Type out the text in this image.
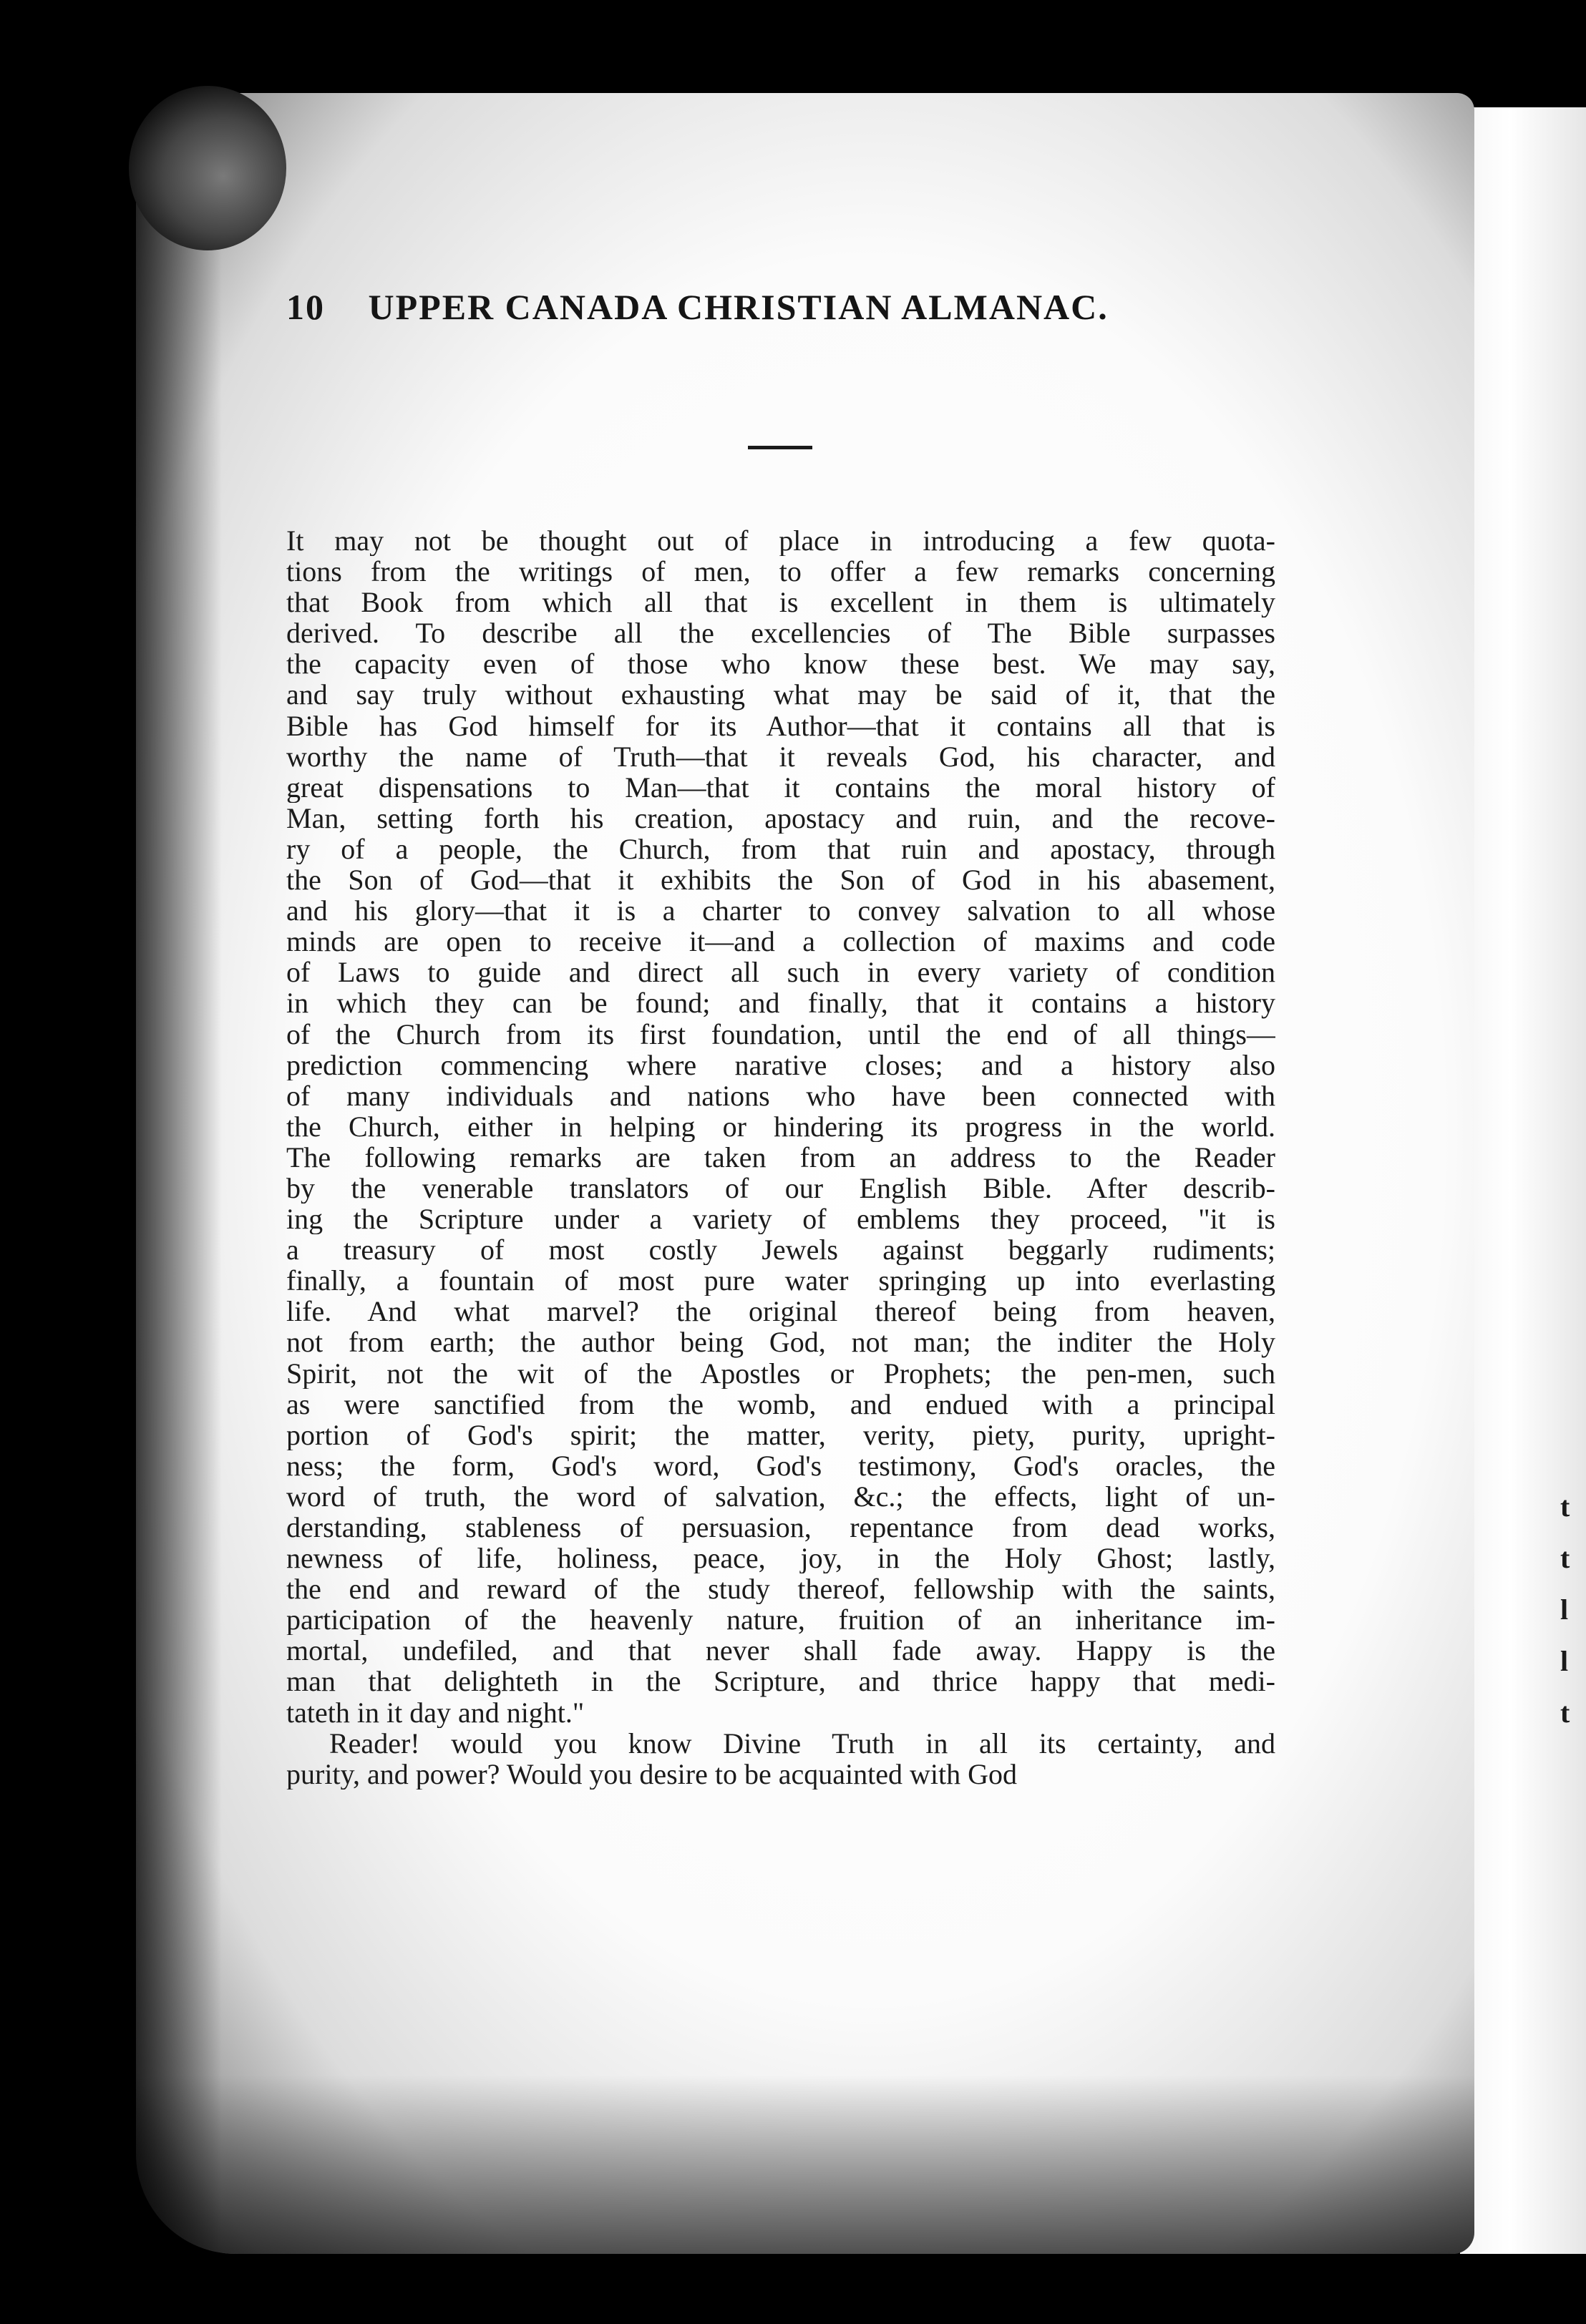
t
t
l
l
t
10 UPPER CANADA CHRISTIAN ALMANAC.
It may not be thought out of place in introducing a few quota-
tions from the writings of men, to offer a few remarks concerning
that Book from which all that is excellent in them is ultimately
derived. To describe all the excellencies of The Bible surpasses
the capacity even of those who know these best. We may say,
and say truly without exhausting what may be said of it, that the
Bible has God himself for its Author—that it contains all that is
worthy the name of Truth—that it reveals God, his character, and
great dispensations to Man—that it contains the moral history of
Man, setting forth his creation, apostacy and ruin, and the recove-
ry of a people, the Church, from that ruin and apostacy, through
the Son of God—that it exhibits the Son of God in his abasement,
and his glory—that it is a charter to convey salvation to all whose
minds are open to receive it—and a collection of maxims and code
of Laws to guide and direct all such in every variety of condition
in which they can be found; and finally, that it contains a history
of the Church from its first foundation, until the end of all things—
prediction commencing where narative closes; and a history also
of many individuals and nations who have been connected with
the Church, either in helping or hindering its progress in the world.
The following remarks are taken from an address to the Reader
by the venerable translators of our English Bible. After describ-
ing the Scripture under a variety of emblems they proceed, "it is
a treasury of most costly Jewels against beggarly rudiments;
finally, a fountain of most pure water springing up into everlasting
life. And what marvel? the original thereof being from heaven,
not from earth; the author being God, not man; the inditer the Holy
Spirit, not the wit of the Apostles or Prophets; the pen-men, such
as were sanctified from the womb, and endued with a principal
portion of God's spirit; the matter, verity, piety, purity, upright-
ness; the form, God's word, God's testimony, God's oracles, the
word of truth, the word of salvation, &c.; the effects, light of un-
derstanding, stableness of persuasion, repentance from dead works,
newness of life, holiness, peace, joy, in the Holy Ghost; lastly,
the end and reward of the study thereof, fellowship with the saints,
participation of the heavenly nature, fruition of an inheritance im-
mortal, undefiled, and that never shall fade away. Happy is the
man that delighteth in the Scripture, and thrice happy that medi-
tateth in it day and night."
Reader! would you know Divine Truth in all its certainty, and
purity, and power? Would you desire to be acquainted with God
